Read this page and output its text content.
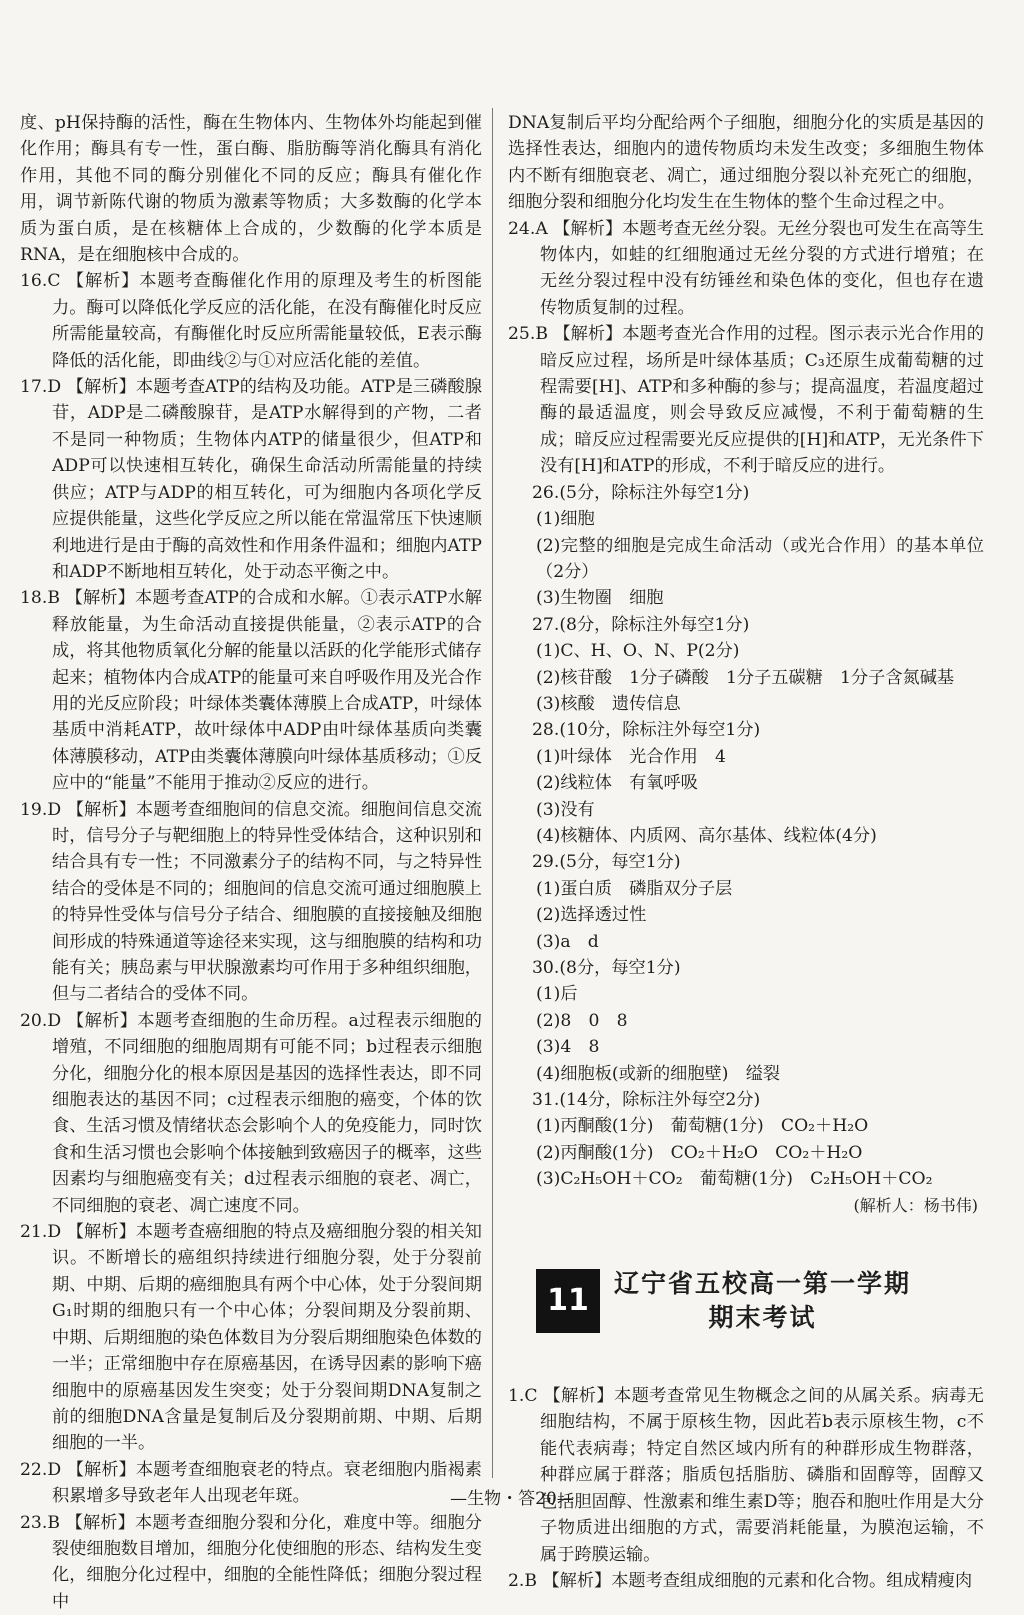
度、pH保持酶的活性，酶在生物体内、生物体外均能起到催化作用；酶具有专一性，蛋白酶、脂肪酶等消化酶具有消化作用，其他不同的酶分别催化不同的反应；酶具有催化作用，调节新陈代谢的物质为激素等物质；大多数酶的化学本质为蛋白质，是在核糖体上合成的，少数酶的化学本质是RNA，是在细胞核中合成的。

16.C 【解析】本题考查酶催化作用的原理及考生的析图能力。酶可以降低化学反应的活化能，在没有酶催化时反应所需能量较高，有酶催化时反应所需能量较低，E表示酶降低的活化能，即曲线②与①对应活化能的差值。

17.D 【解析】本题考查ATP的结构及功能。ATP是三磷酸腺苷，ADP是二磷酸腺苷，是ATP水解得到的产物，二者不是同一种物质；生物体内ATP的储量很少，但ATP和ADP可以快速相互转化，确保生命活动所需能量的持续供应；ATP与ADP的相互转化，可为细胞内各项化学反应提供能量，这些化学反应之所以能在常温常压下快速顺利地进行是由于酶的高效性和作用条件温和；细胞内ATP和ADP不断地相互转化，处于动态平衡之中。

18.B 【解析】本题考查ATP的合成和水解。①表示ATP水解释放能量，为生命活动直接提供能量，②表示ATP的合成，将其他物质氧化分解的能量以活跃的化学能形式储存起来；植物体内合成ATP的能量可来自呼吸作用及光合作用的光反应阶段；叶绿体类囊体薄膜上合成ATP，叶绿体基质中消耗ATP，故叶绿体中ADP由叶绿体基质向类囊体薄膜移动，ATP由类囊体薄膜向叶绿体基质移动；①反应中的“能量”不能用于推动②反应的进行。

19.D 【解析】本题考查细胞间的信息交流。细胞间信息交流时，信号分子与靶细胞上的特异性受体结合，这种识别和结合具有专一性；不同激素分子的结构不同，与之特异性结合的受体是不同的；细胞间的信息交流可通过细胞膜上的特异性受体与信号分子结合、细胞膜的直接接触及细胞间形成的特殊通道等途径来实现，这与细胞膜的结构和功能有关；胰岛素与甲状腺激素均可作用于多种组织细胞，但与二者结合的受体不同。

20.D 【解析】本题考查细胞的生命历程。a过程表示细胞的增殖，不同细胞的细胞周期有可能不同；b过程表示细胞分化，细胞分化的根本原因是基因的选择性表达，即不同细胞表达的基因不同；c过程表示细胞的癌变，个体的饮食、生活习惯及情绪状态会影响个人的免疫能力，同时饮食和生活习惯也会影响个体接触到致癌因子的概率，这些因素均与细胞癌变有关；d过程表示细胞的衰老、凋亡，不同细胞的衰老、凋亡速度不同。

21.D 【解析】本题考查癌细胞的特点及癌细胞分裂的相关知识。不断增长的癌组织持续进行细胞分裂，处于分裂前期、中期、后期的癌细胞具有两个中心体，处于分裂间期G₁时期的细胞只有一个中心体；分裂间期及分裂前期、中期、后期细胞的染色体数目为分裂后期细胞染色体数的一半；正常细胞中存在原癌基因，在诱导因素的影响下癌细胞中的原癌基因发生突变；处于分裂间期DNA复制之前的细胞DNA含量是复制后及分裂期前期、中期、后期细胞的一半。

22.D 【解析】本题考查细胞衰老的特点。衰老细胞内脂褐素积累增多导致老年人出现老年斑。

23.B 【解析】本题考查细胞分裂和分化，难度中等。细胞分裂使细胞数目增加，细胞分化使细胞的形态、结构发生变化，细胞分化过程中，细胞的全能性降低；细胞分裂过程中

DNA复制后平均分配给两个子细胞，细胞分化的实质是基因的选择性表达，细胞内的遗传物质均未发生改变；多细胞生物体内不断有细胞衰老、凋亡，通过细胞分裂以补充死亡的细胞，细胞分裂和细胞分化均发生在生物体的整个生命过程之中。

24.A 【解析】本题考查无丝分裂。无丝分裂也可发生在高等生物体内，如蛙的红细胞通过无丝分裂的方式进行增殖；在无丝分裂过程中没有纺锤丝和染色体的变化，但也存在遗传物质复制的过程。

25.B 【解析】本题考查光合作用的过程。图示表示光合作用的暗反应过程，场所是叶绿体基质；C₃还原生成葡萄糖的过程需要[H]、ATP和多种酶的参与；提高温度，若温度超过酶的最适温度，则会导致反应减慢，不利于葡萄糖的生成；暗反应过程需要光反应提供的[H]和ATP，无光条件下没有[H]和ATP的形成，不利于暗反应的进行。

26.(5分，除标注外每空1分)

(1)细胞

(2)完整的细胞是完成生命活动（或光合作用）的基本单位（2分）

(3)生物圈　细胞

27.(8分，除标注外每空1分)

(1)C、H、O、N、P(2分)

(2)核苷酸　1分子磷酸　1分子五碳糖　1分子含氮碱基

(3)核酸　遗传信息

28.(10分，除标注外每空1分)

(1)叶绿体　光合作用　4

(2)线粒体　有氧呼吸

(3)没有

(4)核糖体、内质网、高尔基体、线粒体(4分)

29.(5分，每空1分)

(1)蛋白质　磷脂双分子层

(2)选择透过性

(3)a　d

30.(8分，每空1分)

(1)后

(2)8　0　8

(3)4　8

(4)细胞板(或新的细胞壁)　缢裂

31.(14分，除标注外每空2分)

(1)丙酮酸(1分)　葡萄糖(1分)　CO₂＋H₂O

(2)丙酮酸(1分)　CO₂＋H₂O　CO₂＋H₂O

(3)C₂H₅OH＋CO₂　葡萄糖(1分)　C₂H₅OH＋CO₂

(解析人：杨书伟)

11	辽宁省五校高一第一学期
期末考试

1.C 【解析】本题考查常见生物概念之间的从属关系。病毒无细胞结构，不属于原核生物，因此若b表示原核生物，c不能代表病毒；特定自然区域内所有的种群形成生物群落，种群应属于群落；脂质包括脂肪、磷脂和固醇等，固醇又包括胆固醇、性激素和维生素D等；胞吞和胞吐作用是大分子物质进出细胞的方式，需要消耗能量，为膜泡运输，不属于跨膜运输。

2.B 【解析】本题考查组成细胞的元素和化合物。组成精瘦肉

—生物・答20—
